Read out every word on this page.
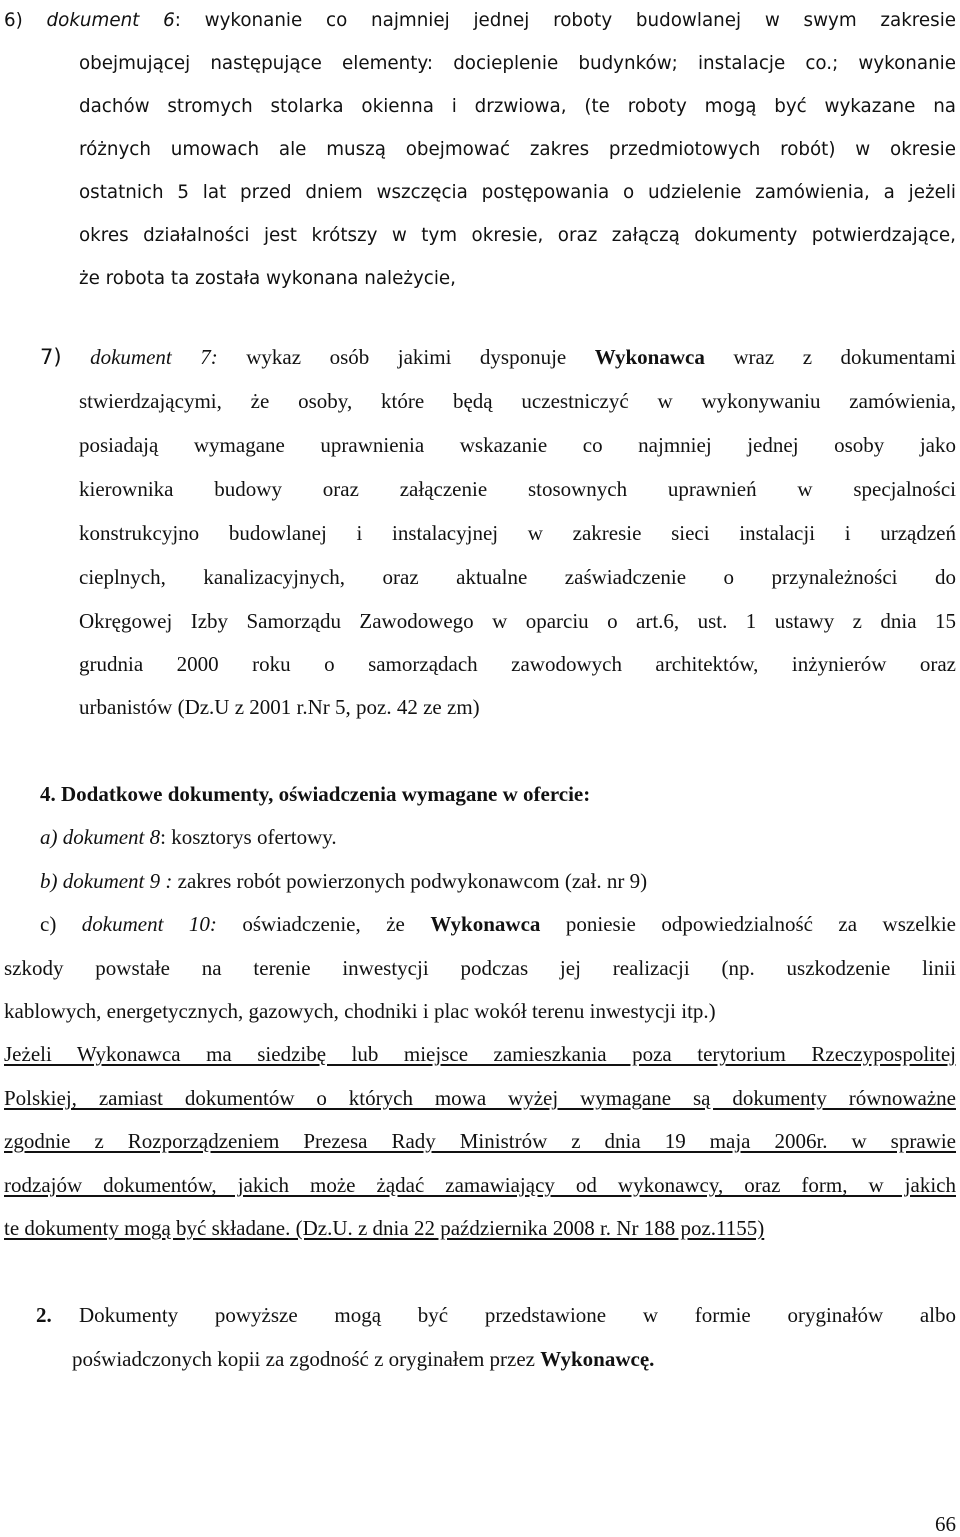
6) dokument 6: wykonanie co najmniej jednej roboty budowlanej w swym zakresie
obejmującej następujące elementy: docieplenie budynków; instalacje co.; wykonanie
dachów stromych stolarka okienna i drzwiowa, (te roboty mogą być wykazane na
różnych umowach ale muszą obejmować zakres przedmiotowych robót) w okresie
ostatnich 5 lat przed dniem wszczęcia postępowania o udzielenie zamówienia, a jeżeli
okres działalności jest krótszy w tym okresie, oraz załączą dokumenty potwierdzające,
że robota ta została wykonana należycie,
7) dokument 7: wykaz osób jakimi dysponuje Wykonawca wraz z dokumentami
stwierdzającymi, że osoby, które będą uczestniczyć w wykonywaniu zamówienia,
posiadają wymagane uprawnienia wskazanie co najmniej jednej osoby jako
kierownika budowy oraz załączenie stosownych uprawnień w specjalności
konstrukcyjno budowlanej i instalacyjnej w zakresie sieci instalacji i urządzeń
cieplnych, kanalizacyjnych, oraz aktualne zaświadczenie o przynależności do
Okręgowej Izby Samorządu Zawodowego w oparciu o art.6, ust. 1 ustawy z dnia 15
grudnia 2000 roku o samorządach zawodowych architektów, inżynierów oraz
urbanistów (Dz.U z 2001 r.Nr 5, poz. 42 ze zm)
4. Dodatkowe dokumenty, oświadczenia wymagane w ofercie:
a) dokument 8: kosztorys ofertowy.
b) dokument 9 : zakres robót powierzonych podwykonawcom (zał. nr 9)
c) dokument 10: oświadczenie, że Wykonawca poniesie odpowiedzialność za wszelkie
szkody powstałe na terenie inwestycji podczas jej realizacji (np. uszkodzenie linii
kablowych, energetycznych, gazowych, chodniki i plac wokół terenu inwestycji itp.)
Jeżeli Wykonawca ma siedzibę lub miejsce zamieszkania poza terytorium Rzeczypospolitej
Polskiej, zamiast dokumentów o których mowa wyżej wymagane są dokumenty równoważne
zgodnie z Rozporządzeniem Prezesa Rady Ministrów z dnia 19 maja 2006r. w sprawie
rodzajów dokumentów, jakich może żądać zamawiający od wykonawcy, oraz form, w jakich
te dokumenty mogą być składane. (Dz.U. z dnia 22 października 2008 r. Nr 188 poz.1155)
2.	Dokumenty powyższe mogą być przedstawione w formie oryginałów albo
poświadczonych kopii za zgodność z oryginałem przez Wykonawcę.
66
